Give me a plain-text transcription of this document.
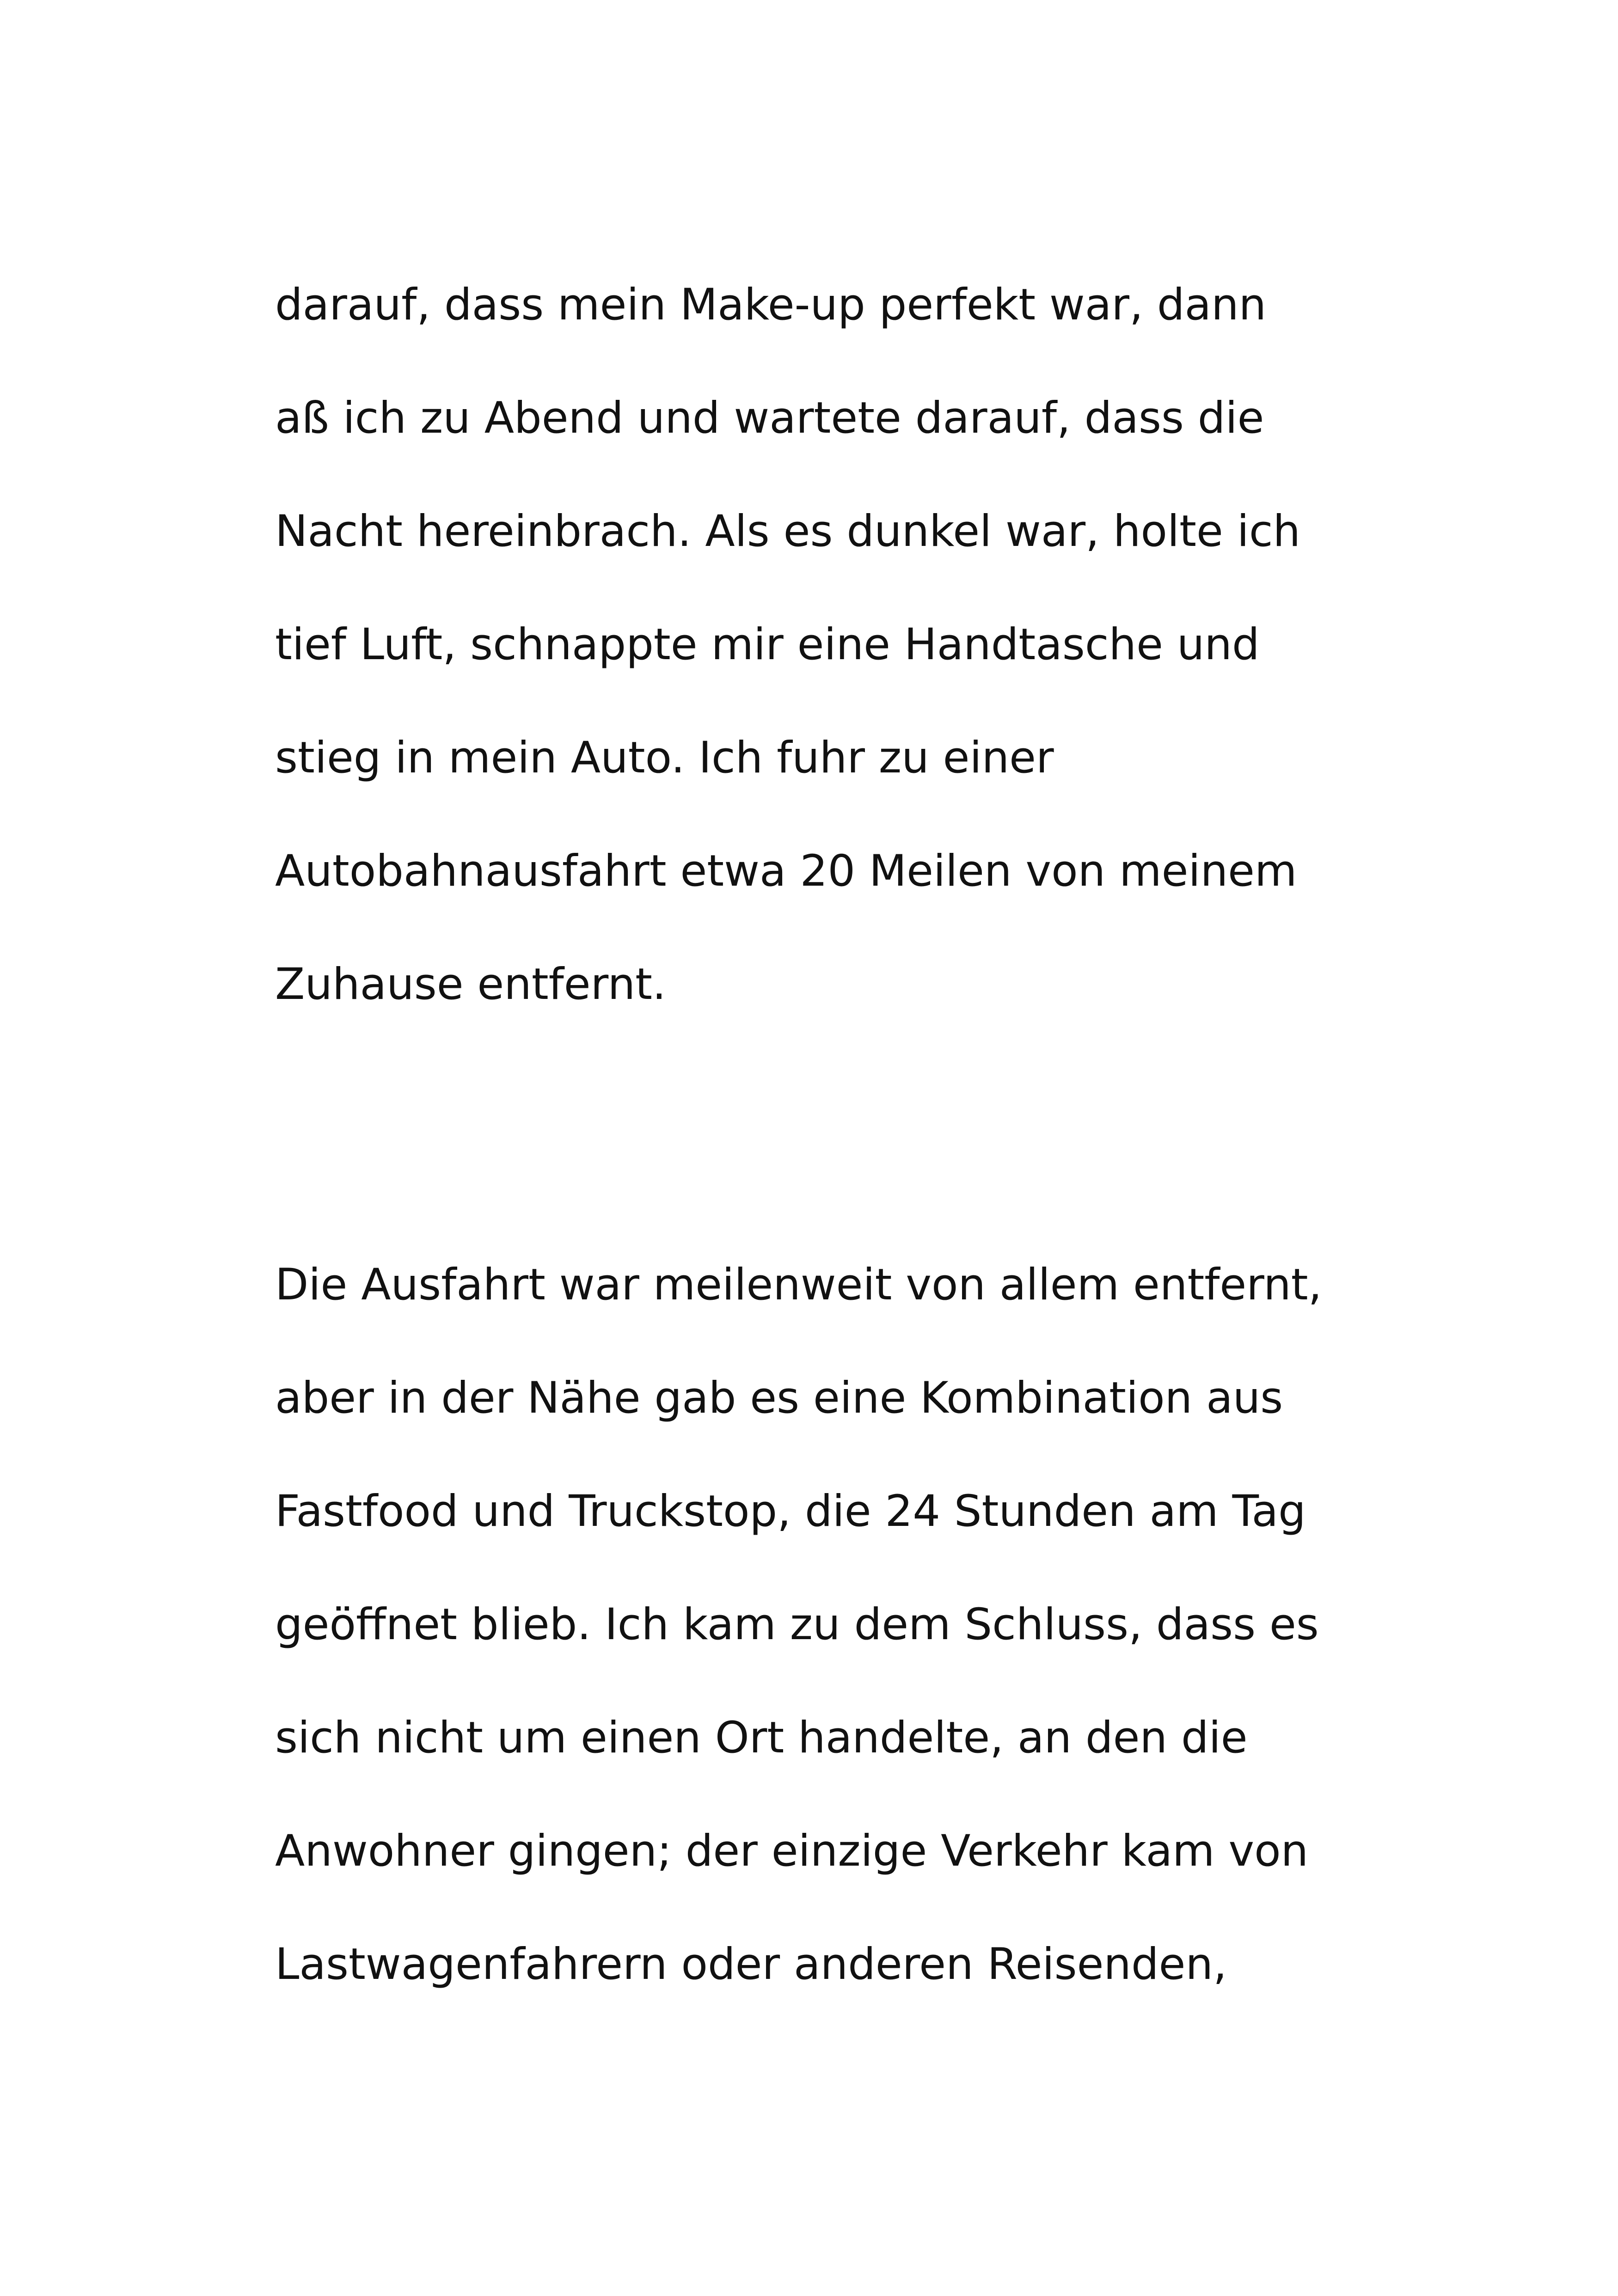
darauf, dass mein Make-up perfekt war, dann

aß ich zu Abend und wartete darauf, dass die

Nacht hereinbrach. Als es dunkel war, holte ich

tief Luft, schnappte mir eine Handtasche und

stieg in mein Auto. Ich fuhr zu einer

Autobahnausfahrt etwa 20 Meilen von meinem

Zuhause entfernt.

Die Ausfahrt war meilenweit von allem entfernt,

aber in der Nähe gab es eine Kombination aus

Fastfood und Truckstop, die 24 Stunden am Tag

geöffnet blieb. Ich kam zu dem Schluss, dass es

sich nicht um einen Ort handelte, an den die

Anwohner gingen; der einzige Verkehr kam von

Lastwagenfahrern oder anderen Reisenden,
